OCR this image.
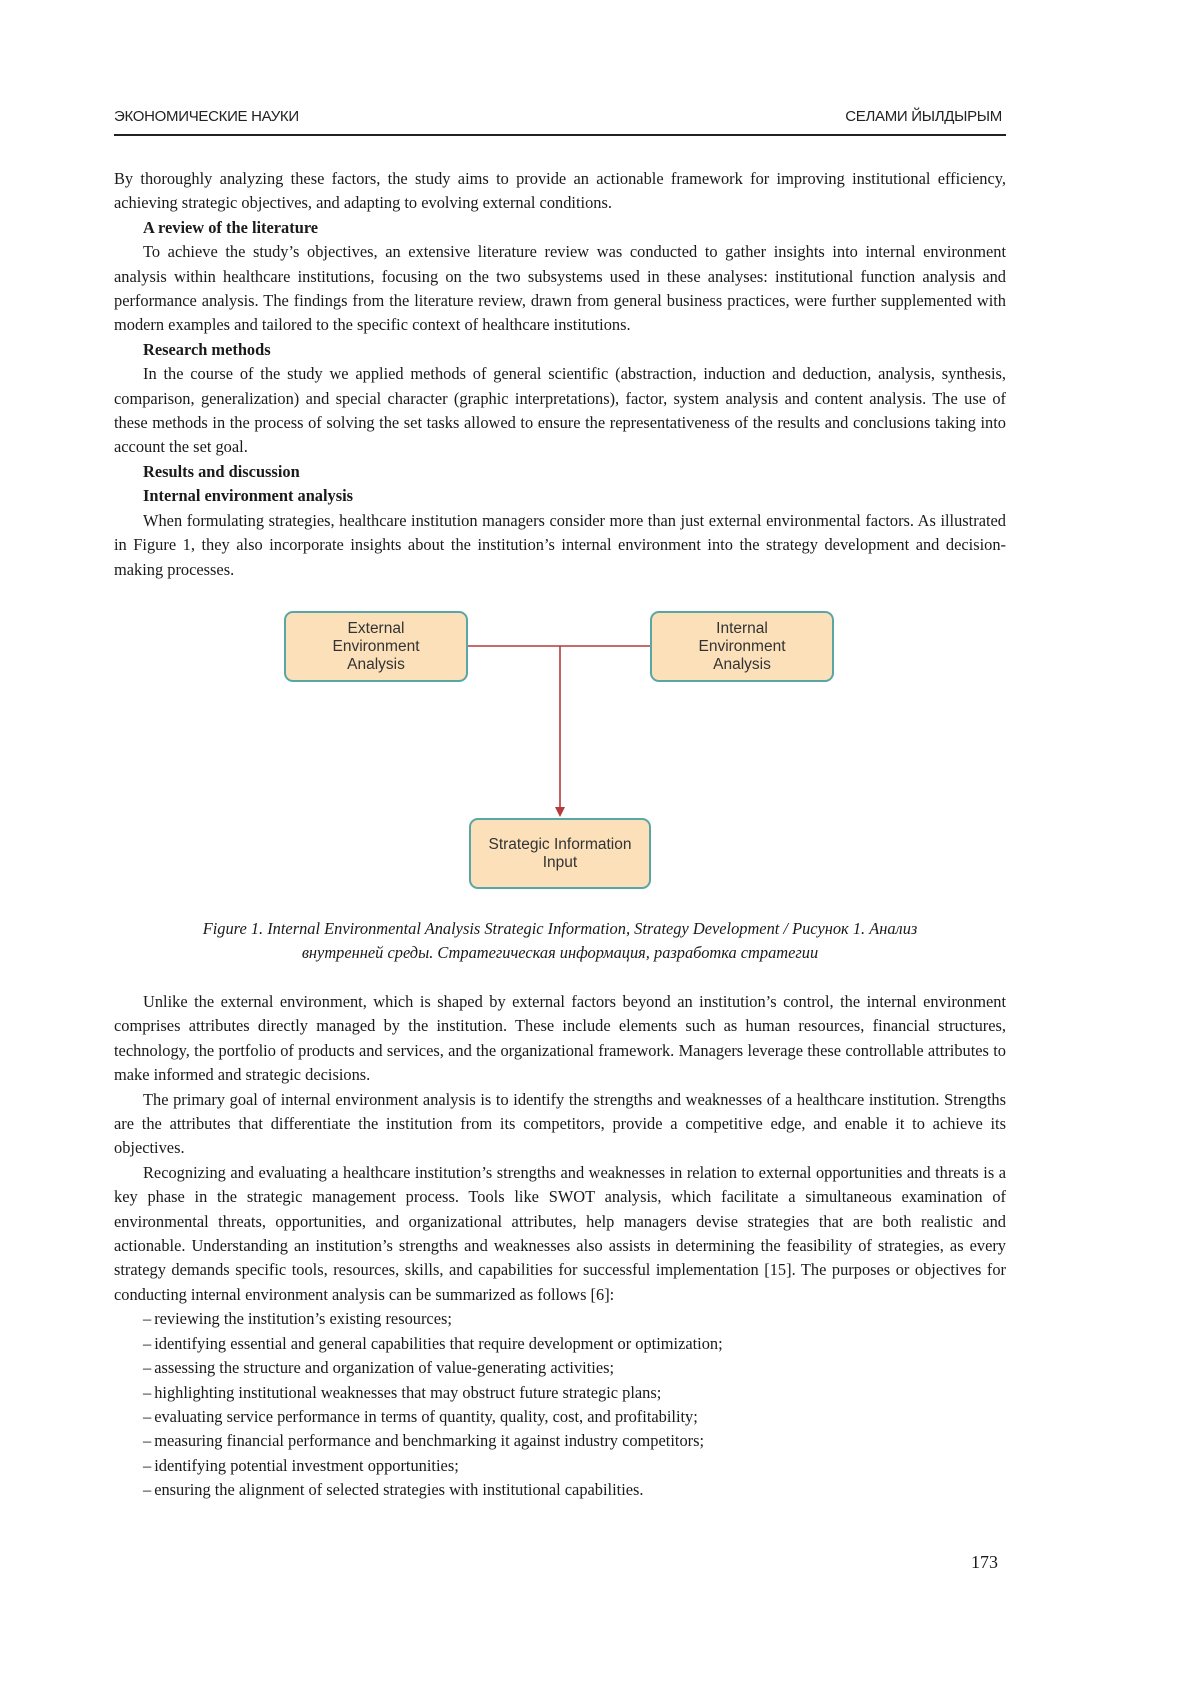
ЭКОНОМИЧЕСКИЕ НАУКИ	СЕЛАМИ ЙЫЛДЫРЫМ

By thoroughly analyzing these factors, the study aims to provide an actionable framework for improving institutional efficiency, achieving strategic objectives, and adapting to evolving external conditions.

A review of the literature

To achieve the study’s objectives, an extensive literature review was conducted to gather insights into internal environment analysis within healthcare institutions, focusing on the two subsystems used in these analyses: institutional function analysis and performance analysis. The findings from the literature review, drawn from general business practices, were further supplemented with modern examples and tailored to the specific context of healthcare institutions.

Research methods

In the course of the study we applied methods of general scientific (abstraction, induction and deduction, analysis, synthesis, comparison, generalization) and special character (graphic interpretations), factor, system analysis and content analysis. The use of these methods in the process of solving the set tasks allowed to ensure the representativeness of the results and conclusions taking into account the set goal.

Results and discussion
Internal environment analysis

When formulating strategies, healthcare institution managers consider more than just external environmental factors. As illustrated in Figure 1, they also incorporate insights about the institution’s internal environment into the strategy development and decision-making processes.

External
Environment
Analysis
Internal
Environment
Analysis
Strategic Information
Input
Figure 1. Internal Environmental Analysis Strategic Information, Strategy Development / Рисунок 1. Анализ
внутренней среды. Стратегическая информация, разработка стратегии

Unlike the external environment, which is shaped by external factors beyond an institution’s control, the internal environment comprises attributes directly managed by the institution. These include elements such as human resources, financial structures, technology, the portfolio of products and services, and the organizational framework. Managers leverage these controllable attributes to make informed and strategic decisions.

The primary goal of internal environment analysis is to identify the strengths and weaknesses of a healthcare institution. Strengths are the attributes that differentiate the institution from its competitors, provide a competitive edge, and enable it to achieve its objectives.

Recognizing and evaluating a healthcare institution’s strengths and weaknesses in relation to external opportunities and threats is a key phase in the strategic management process. Tools like SWOT analysis, which facilitate a simultaneous examination of environmental threats, opportunities, and organizational attributes, help managers devise strategies that are both realistic and actionable. Understanding an institution’s strengths and weaknesses also assists in determining the feasibility of strategies, as every strategy demands specific tools, resources, skills, and capabilities for successful implementation [15]. The purposes or objectives for conducting internal environment analysis can be summarized as follows [6]:

– reviewing the institution’s existing resources;
– identifying essential and general capabilities that require development or optimization;
– assessing the structure and organization of value-generating activities;
– highlighting institutional weaknesses that may obstruct future strategic plans;
– evaluating service performance in terms of quantity, quality, cost, and profitability;
– measuring financial performance and benchmarking it against industry competitors;
– identifying potential investment opportunities;
– ensuring the alignment of selected strategies with institutional capabilities.
173
